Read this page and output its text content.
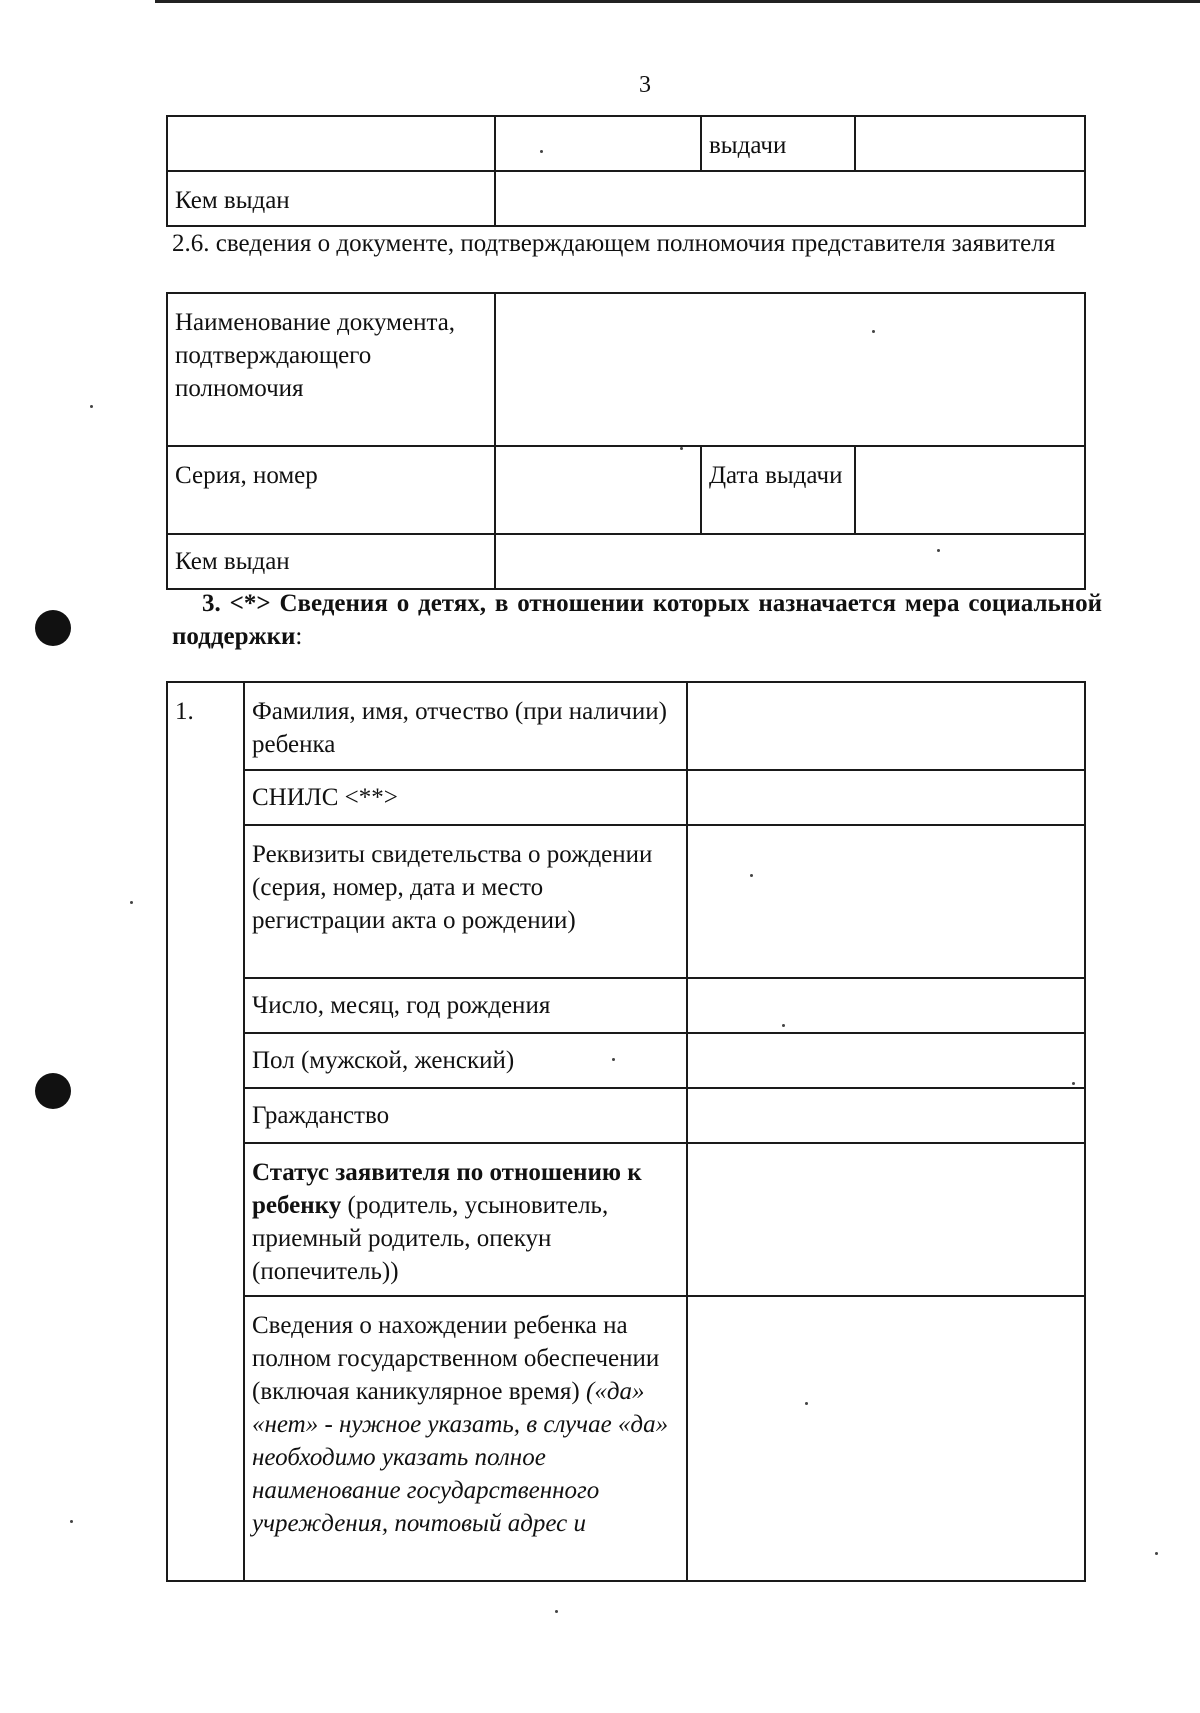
3
		выдачи	
Кем выдан			

2.6. сведения о документе, подтверждающем полномочия представителя заявителя

Наименование документа, подтверждающего полномочия			
Серия, номер		Дата выдачи	
Кем выдан			

3. <*> Сведения о детях, в отношении которых назначается мера социальной поддержки:

1.	Фамилия, имя, отчество (при наличии) ребенка	
	СНИЛС <**>	
	Реквизиты свидетельства о рождении (серия, номер, дата и место регистрации акта о рождении)	
	Число, месяц, год рождения	
	Пол (мужской, женский)	
	Гражданство	
	Статус заявителя по отношению к ребенку (родитель, усыновитель, приемный родитель, опекун (попечитель))	
	Сведения о нахождении ребенка на полном государственном обеспечении (включая каникулярное время) («да» «нет» - нужное указать, в случае «да» необходимо указать полное наименование государственного учреждения, почтовый адрес и	
